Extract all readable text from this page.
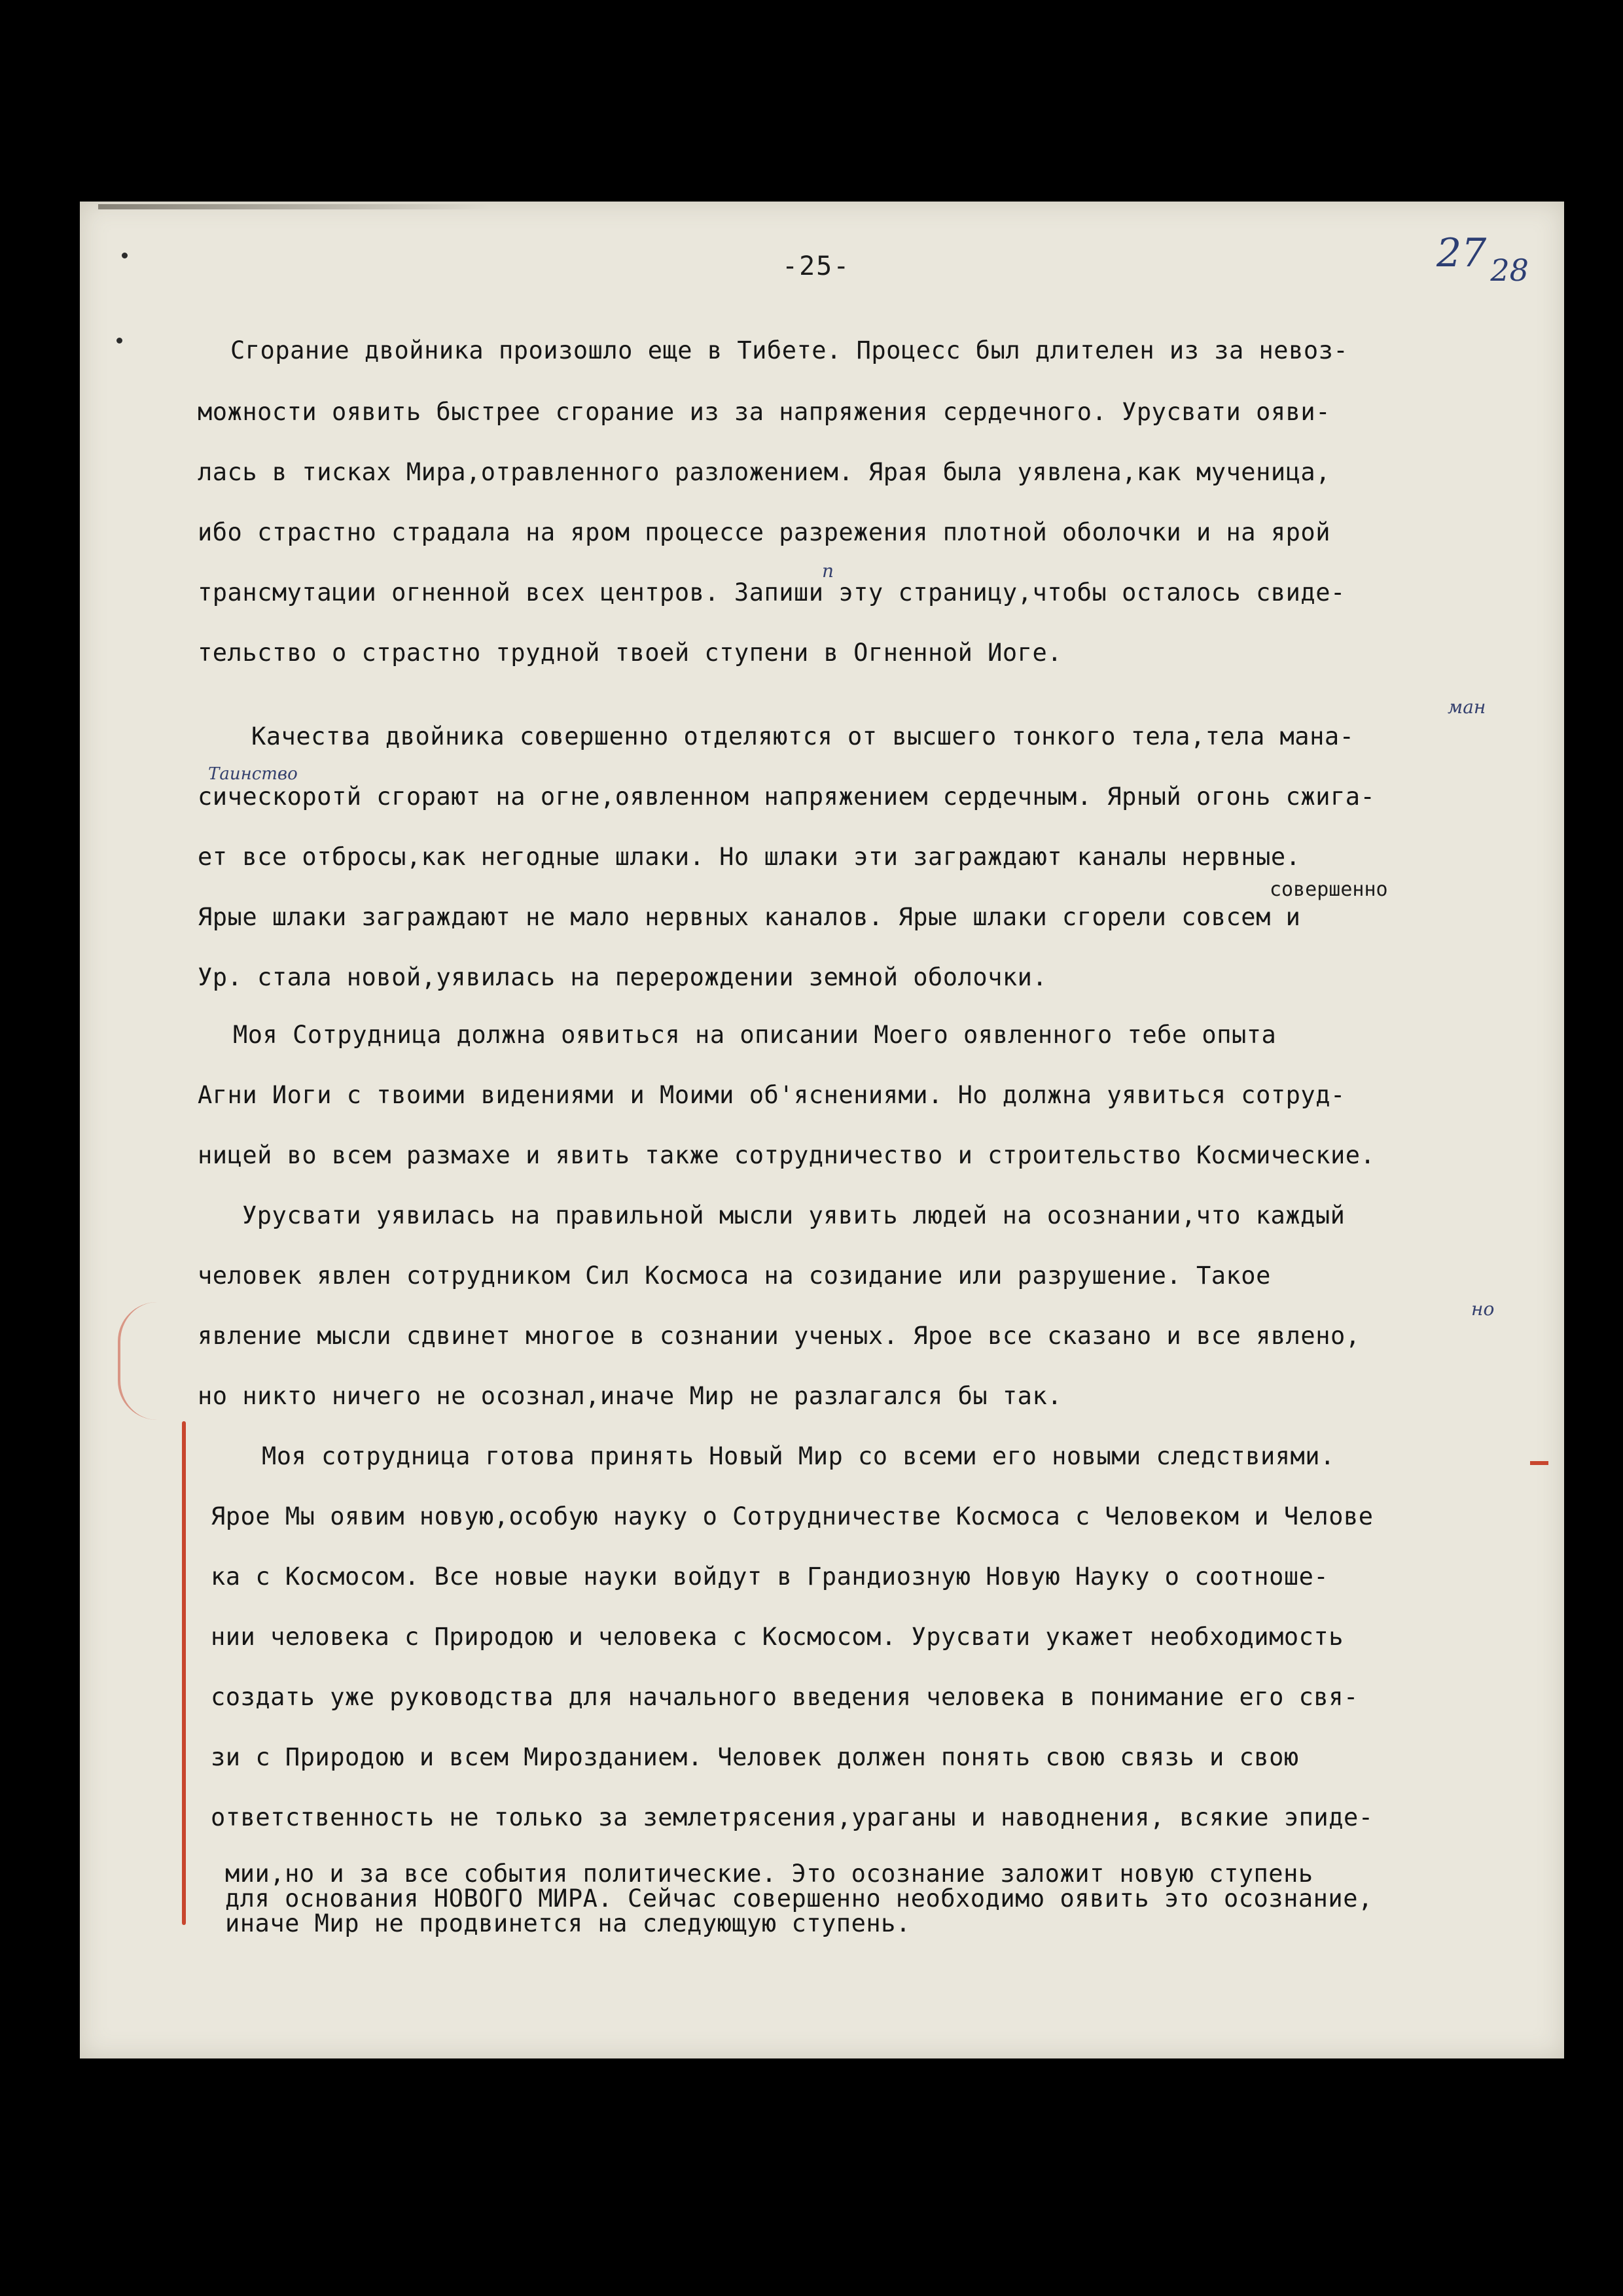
-25-	27 $_{28}$
Сгорание двойника произошло еще в Тибете. Процесс был длителен из за невоз-
можности оявить быстрее сгорание из за напряжения сердечного. Урусвати ояви-
лась в тисках Мира,отравленного разложением. Ярая была уявлена,как мученица,
ибо страстно страдала на яром процессе разрежения плотной оболочки и на ярой
трансмутации огненной всех центров. Запиши эту страницу,чтобы осталось свиде-
тельство о страстно трудной твоей ступени в Огненной Иоге.
Качества двойника совершенно отделяются от высшего тонкого тела,тела мана-
сическоротй сгорают на огне,оявленном напряжением сердечным. Ярный огонь сжига-
ет все отбросы,как негодные шлаки. Но шлаки эти заграждают каналы нервные.
Ярые шлаки заграждают не мало нервных каналов. Ярые шлаки сгорели совсем и
Ур. стала новой,уявилась на перерождении земной оболочки.
Моя Сотрудница должна оявиться на описании Моего оявленного тебе опыта
Агни Иоги с твоими видениями и Моими об'яснениями. Но должна уявиться сотруд-
ницей во всем размахе и явить также сотрудничество и строительство Космические.
Урусвати уявилась на правильной мысли уявить людей на осознании,что каждый
человек явлен сотрудником Сил Космоса на созидание или разрушение. Такое
явление мысли сдвинет многое в сознании ученых. Ярое все сказано и все явлено,
но никто ничего не осознал,иначе Мир не разлагался бы так.
Моя сотрудница готова принять Новый Мир со всеми его новыми следствиями.
Ярое Мы оявим новую,особую науку о Сотрудничестве Космоса с Человеком и Челове
ка с Космосом. Все новые науки войдут в Грандиозную Новую Науку о соотноше-
нии человека с Природою и человека с Космосом. Урусвати укажет необходимость
создать уже руководства для начального введения человека в понимание его свя-
зи с Природою и всем Мирозданием. Человек должен понять свою связь и свою
ответственность не только за землетрясения,ураганы и наводнения, всякие эпиде-
мии,но и за все события политические. Это осознание заложит новую ступень
для основания НОВОГО МИРА. Сейчас совершенно необходимо оявить это осознание,
иначе Мир не продвинется на следующую ступень.
Таинство
ман
совершенно
но
п
